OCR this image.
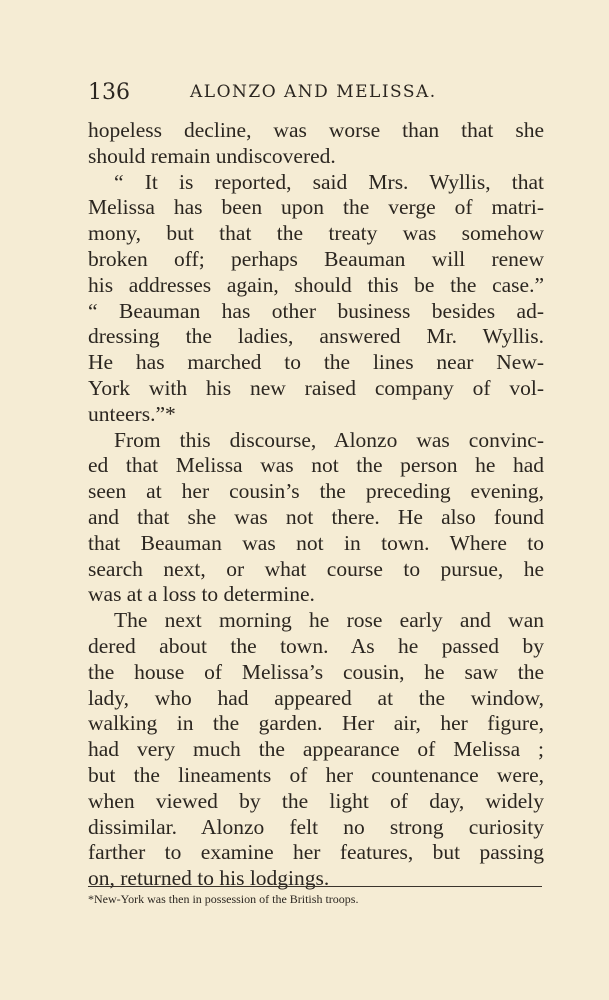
136	ALONZO AND MELISSA.
hopeless decline, was worse than that she
should remain undiscovered.
“ It is reported, said Mrs. Wyllis, that
Melissa has been upon the verge of matri-
mony, but that the treaty was somehow
broken off; perhaps Beauman will renew
his addresses again, should this be the case.”
“ Beauman has other business besides ad-
dressing the ladies, answered Mr. Wyllis.
He has marched to the lines near New-
York with his new raised company of vol-
unteers.”*
From this discourse, Alonzo was convinc-
ed that Melissa was not the person he had
seen at her cousin’s the preceding evening,
and that she was not there. He also found
that Beauman was not in town. Where to
search next, or what course to pursue, he
was at a loss to determine.
The next morning he rose early and wan
dered about the town. As he passed by
the house of Melissa’s cousin, he saw the
lady, who had appeared at the window,
walking in the garden. Her air, her figure,
had very much the appearance of Melissa ;
but the lineaments of her countenance were,
when viewed by the light of day, widely
dissimilar. Alonzo felt no strong curiosity
farther to examine her features, but passing
on, returned to his lodgings.
*New-York was then in possession of the British troops.
